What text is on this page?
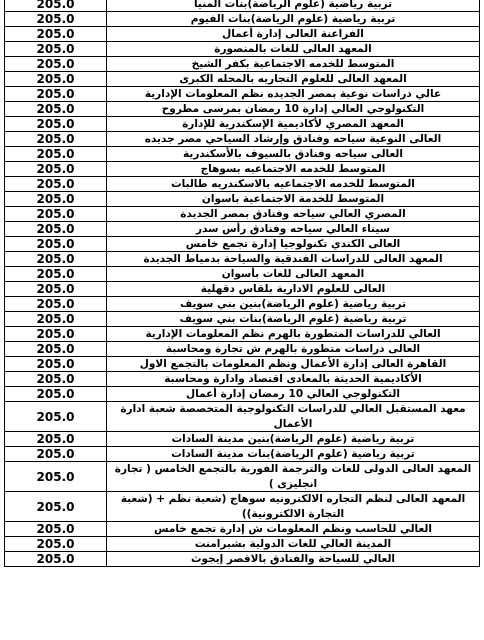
205.0	تربية رياضية (علوم الرياضة)بنات المنيا
205.0	تربية رياضية (علوم الرياضة)بنات الفيوم
205.0	الفراعنة العالى إدارة أعمال
205.0	المعهد العالى للغات بالمنصورة
205.0	المتوسط للخدمه الاجتماعية بكفر الشيخ
205.0	المعهد العالى للعلوم التجاريه بالمحله الكبرى
205.0	عالي دراسات نوعية بمصر الجديده نظم المعلومات الإدارية
205.0	التكنولوجي العالي إدارة 10 رمضان بمرسى مطروح
205.0	المعهد المصري لأكاديمية الإسكندرية للإدارة
205.0	العالى النوعية سياحه وفنادق وإرشاد السياحي مصر جديده
205.0	العالى سياحه وفنادق بالسيوف بالأسكندرية
205.0	المتوسط للخدمه الاجتماعيه بسوهاج
205.0	المتوسط للخدمه الاجتماعيه بالاسكندريه طالبات
205.0	المتوسط للخدمة الاجتماعية باسوان
205.0	المصري العالي سياحه وفنادق بمصر الجديدة
205.0	سيناء العالي سياحه وفنادق رأس سدر
205.0	العالى الكندي تكنولوجيا إدارة تجمع خامس
205.0	المعهد العالى للدراسات الفندقية والسياحة بدمياط الجديدة
205.0	المعهد العالى للغات بأسوان
205.0	العالى للعلوم الادارية بلقاس دقهلية
205.0	تربية رياضية (علوم الرياضة)بنين بني سويف
205.0	تربية رياضية (علوم الرياضة)بنات بني سويف
205.0	العالي للدراسات المتطورة بالهرم نظم المعلومات الإدارية
205.0	العالى دراسات متطورة بالهرم ش تجارة ومحاسبة
205.0	القاهرة العالى إدارة الأعمال ونظم المعلومات بالتجمع الاول
205.0	الأكاديمية الحديثة بالمعادى اقتصاد وادارة ومحاسبة
205.0	التكنولوجي العالي 10 رمضان إدارة أعمال
205.0	معهد المستقبل العالي للدراسات التكنولوجية المتخصصة شعبة ادارة الأعمال
205.0	تربية رياضية (علوم الرياضة)بنين مدينة السادات
205.0	تربية رياضية (علوم الرياضة)بنات مدينة السادات
205.0	المعهد العالى الدولى للغات والترجمة الفورية بالتجمع الخامس ( تجارة انجليزى )
205.0	المعهد العالى لنظم التجاره الالكترونيه سوهاج (شعبة نظم + (شعبة التجارة الالكترونية))
205.0	العالي للحاسب ونظم المعلومات ش إدارة تجمع خامس
205.0	المدينة العالي للغات الدولية بشبرامنت
205.0	العالي للسياحة والفنادق بالاقصر إيجوث
